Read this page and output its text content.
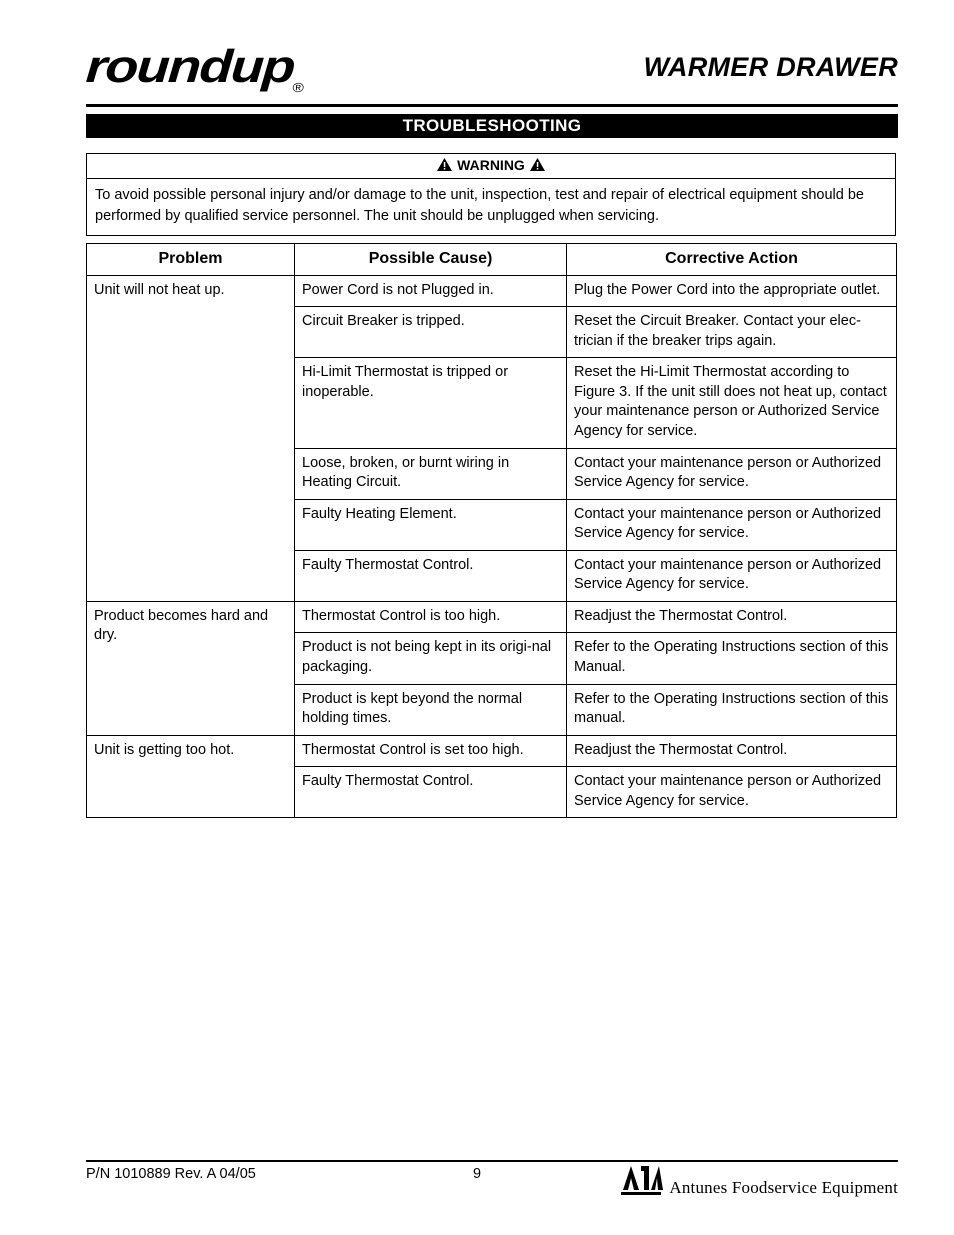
roundup$_®$
WARMER DRAWER
TROUBLESHOOTING
WARNING
To avoid possible personal injury and/or damage to the unit, inspection, test and repair of electrical equipment should be performed by qualified service personnel. The unit should be unplugged when servicing.
Problem	Possible Cause)	Corrective Action
Unit will not heat up.	Power Cord is not Plugged in.	Plug the Power Cord into the appropriate outlet.
	Circuit Breaker is tripped.	Reset the Circuit Breaker. Contact your elec-trician if the breaker trips again.
	Hi-Limit Thermostat is tripped or inoperable.	Reset the Hi-Limit Thermostat according to Figure 3. If the unit still does not heat up, contact your maintenance person or Authorized Service Agency for service.
	Loose, broken, or burnt wiring in Heating Circuit.	Contact your maintenance person or Authorized Service Agency for service.
	Faulty Heating Element.	Contact your maintenance person or Authorized Service Agency for service.
	Faulty Thermostat Control.	Contact your maintenance person or Authorized Service Agency for service.
Product becomes hard and dry.	Thermostat Control is too high.	Readjust the Thermostat Control.
	Product is not being kept in its origi-nal packaging.	Refer to the Operating Instructions section of this Manual.
	Product is kept beyond the normal holding times.	Refer to the Operating Instructions section of this manual.
Unit is getting too hot.	Thermostat Control is set too high.	Readjust the Thermostat Control.
	Faulty Thermostat Control.	Contact your maintenance person or Authorized Service Agency for service.
P/N 1010889 Rev. A 04/05	9
Antunes Foodservice Equipment
